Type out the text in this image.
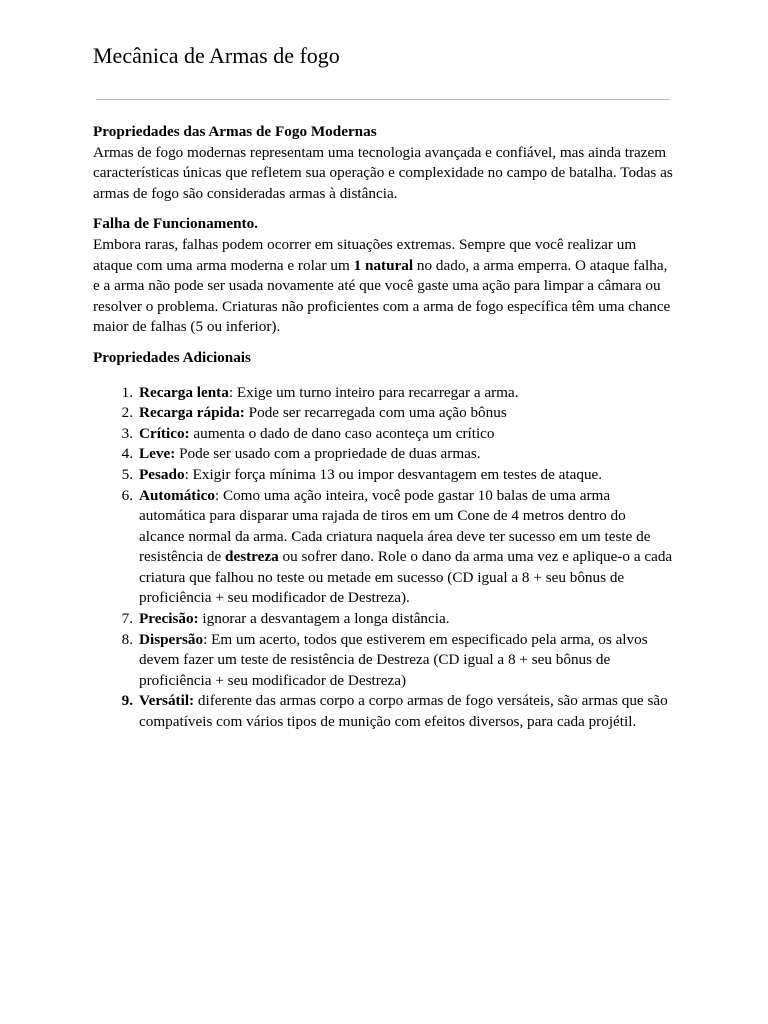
Mecânica de Armas de fogo
Propriedades das Armas de Fogo Modernas
Armas de fogo modernas representam uma tecnologia avançada e confiável, mas ainda trazem características únicas que refletem sua operação e complexidade no campo de batalha. Todas as armas de fogo são consideradas armas à distância.
Falha de Funcionamento.
Embora raras, falhas podem ocorrer em situações extremas. Sempre que você realizar um ataque com uma arma moderna e rolar um 1 natural no dado, a arma emperra. O ataque falha, e a arma não pode ser usada novamente até que você gaste uma ação para limpar a câmara ou resolver o problema. Criaturas não proficientes com a arma de fogo específica têm uma chance maior de falhas (5 ou inferior).
Propriedades Adicionais
1. Recarga lenta: Exige um turno inteiro para recarregar a arma.
2. Recarga rápida: Pode ser recarregada com uma ação bônus
3. Crítico: aumenta o dado de dano caso aconteça um crítico
4. Leve: Pode ser usado com a propriedade de duas armas.
5. Pesado: Exigir força mínima 13 ou impor desvantagem em testes de ataque.
6. Automático: Como uma ação inteira, você pode gastar 10 balas de uma arma automática para disparar uma rajada de tiros em um Cone de 4 metros dentro do alcance normal da arma. Cada criatura naquela área deve ter sucesso em um teste de resistência de destreza ou sofrer dano. Role o dano da arma uma vez e aplique-o a cada criatura que falhou no teste ou metade em sucesso (CD igual a 8 + seu bônus de proficiência + seu modificador de Destreza).
7. Precisão: ignorar a desvantagem a longa distância.
8. Dispersão: Em um acerto, todos que estiverem em especificado pela arma, os alvos devem fazer um teste de resistência de Destreza (CD igual a 8 + seu bônus de proficiência + seu modificador de Destreza)
9. Versátil: diferente das armas corpo a corpo armas de fogo versáteis, são armas que são compatíveis com vários tipos de munição com efeitos diversos, para cada projétil.
